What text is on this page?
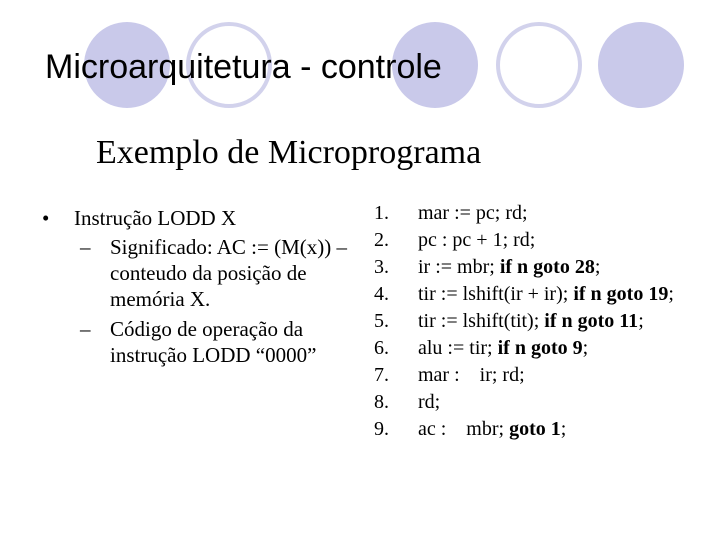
Microarquitetura - controle
Exemplo de Microprograma
• Instrução LODD X
– Significado: AC := (M(x)) – conteudo da posição de memória X.
– Código de operação da instrução LODD “0000”
1. mar := pc; rd;
2. pc : pc + 1; rd;
3. ir := mbr; if n goto 28;
4. tir := lshift(ir + ir); if n goto 19;
5. tir := lshift(tit); if n goto 11;
6. alu := tir; if n goto 9;
7. mar :    ir; rd;
8. rd;
9. ac :    mbr; goto 1;
